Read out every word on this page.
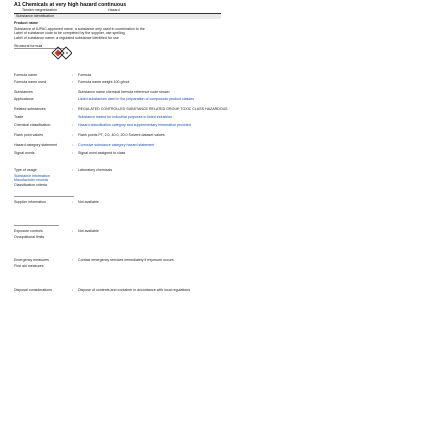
A1 Chemicals at very high hazard continuous
Tarnish megnetization	Hazard
Substance identification
Product name
Substance of IUPAC-approved name, a substance only used in combination to the
Label of substance code to be completed by the supplier, use spelling
Label of substance name: a regulated substance identified for use
Structural formula
Formula name	:	Formula
Formula name used	:	Formula name weight 100 g/mol
Substances	Substance name chemical formula reference code shown
Applications	Listed substances used in the preparation of compounds product classes
Related substances	:	REGULATED CONTROLLED SUBSTANCE RELATED GROUP TOXIC CLASS HAZARDOUS
Trade	Substance traded for industrial purposes in listed industries
Chemical classification	:	Hazard classification category and supplementary information provided
Flash point values	:	Flash points PT, 2.0, 40.0, 20.0 Solvent dataset values
Hazard category statement	:	Corrosive substance category hazard statement
Signal words	:	Signal word assigned to class
Type of usage	:	Laboratory chemicals
Substance information
Manufacturer records
Classification criteria
Supplier information	:	Not available
Exposure controls	:	Not available
Occupational limits
Emergency measures	:	Contact emergency services immediately if exposure occurs
First aid measures
Disposal considerations	:	Dispose of contents and container in accordance with local regulations
